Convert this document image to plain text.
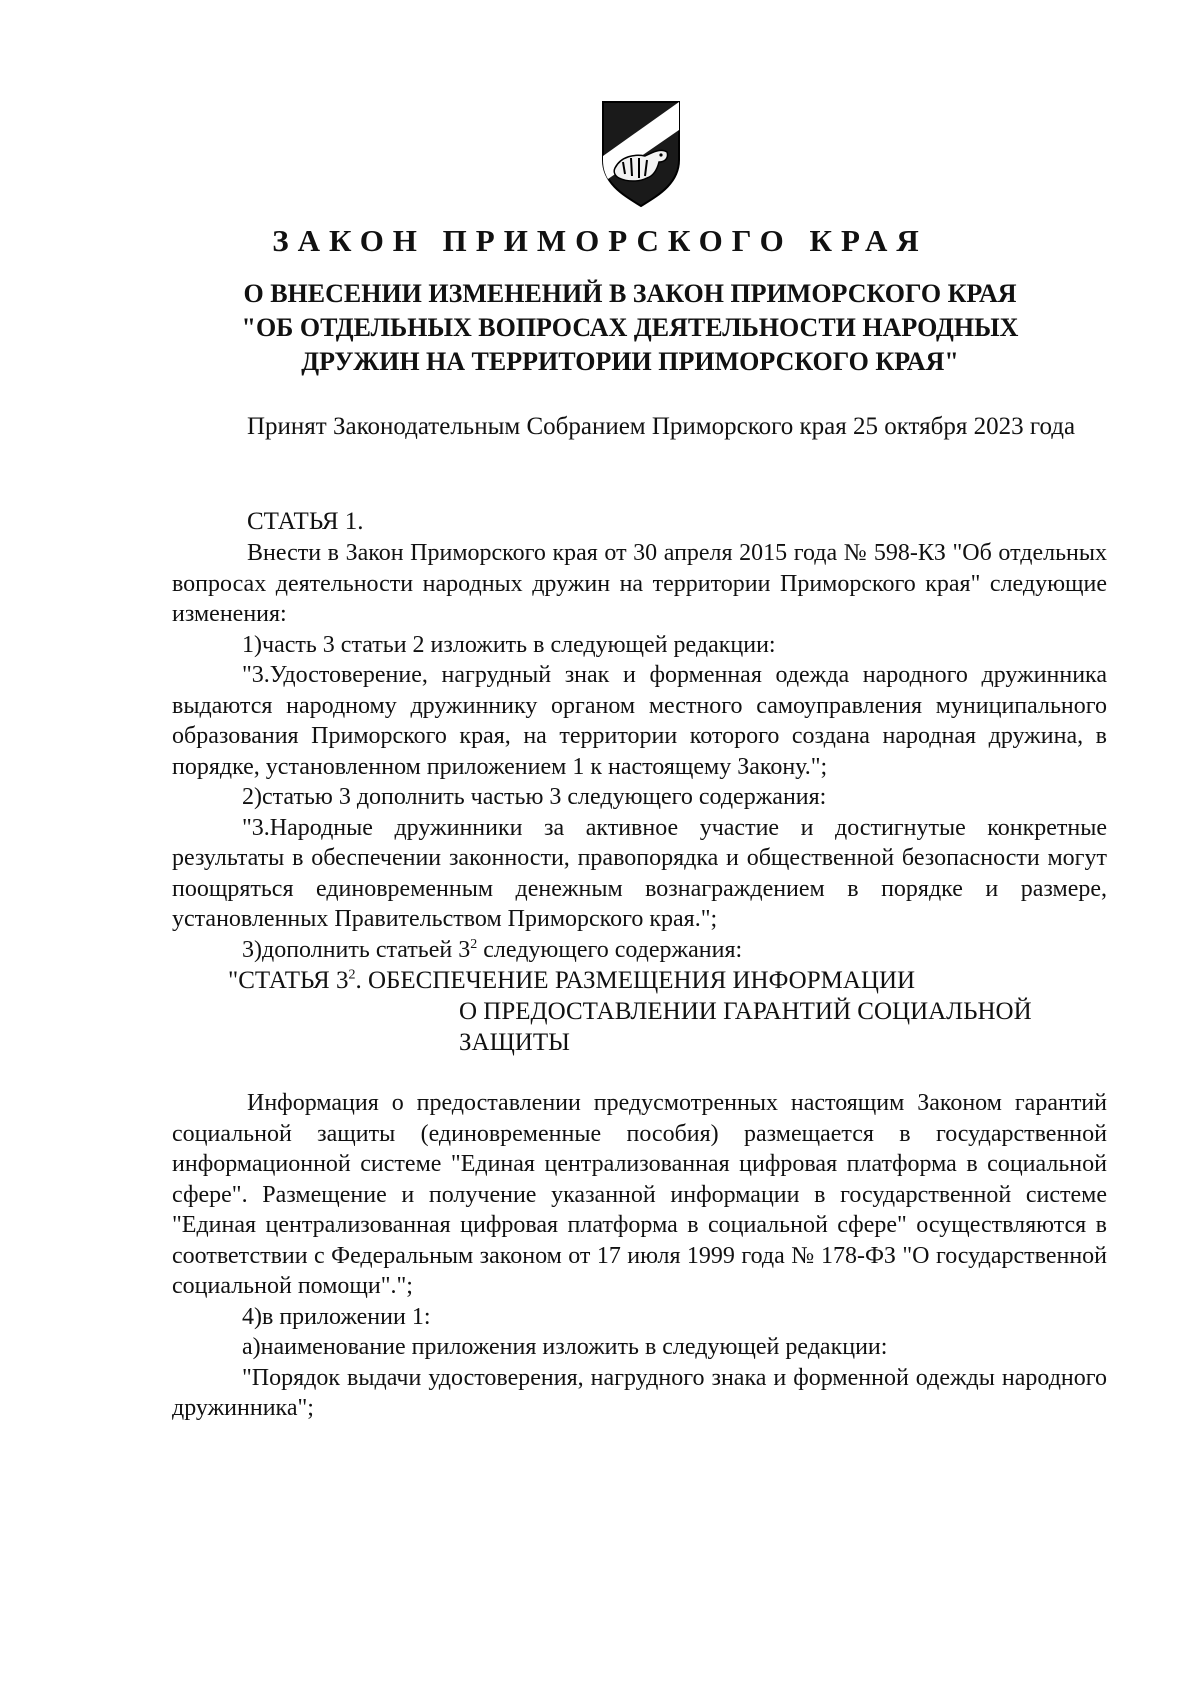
ЗАКОН ПРИМОРСКОГО КРАЯ
О ВНЕСЕНИИ ИЗМЕНЕНИЙ В ЗАКОН ПРИМОРСКОГО КРАЯ
"ОБ ОТДЕЛЬНЫХ ВОПРОСАХ ДЕЯТЕЛЬНОСТИ НАРОДНЫХ
ДРУЖИН НА ТЕРРИТОРИИ ПРИМОРСКОГО КРАЯ"
Принят Законодательным Собранием Приморского края 25 октября 2023 года
СТАТЬЯ 1.

Внести в Закон Приморского края от 30 апреля 2015 года № 598-КЗ "Об отдельных вопросах деятельности народных дружин на территории Приморского края" следующие изменения:

1)часть 3 статьи 2 изложить в следующей редакции:

"3.Удостоверение, нагрудный знак и форменная одежда народного дружинника выдаются народному дружиннику органом местного самоуправления муниципального образования Приморского края, на территории которого создана народная дружина, в порядке, установленном приложением 1 к настоящему Закону.";

2)статью 3 дополнить частью 3 следующего содержания:

"3.Народные дружинники за активное участие и достигнутые конкретные результаты в обеспечении законности, правопорядка и общественной безопасности могут поощряться единовременным денежным вознаграждением в порядке и размере, установленных Правительством Приморского края.";

3)дополнить статьей $3^2$ следующего содержания:

"СТАТЬЯ $3^2$. ОБЕСПЕЧЕНИЕ РАЗМЕЩЕНИЯ ИНФОРМАЦИИ
О ПРЕДОСТАВЛЕНИИ ГАРАНТИЙ СОЦИАЛЬНОЙ
ЗАЩИТЫ

Информация о предоставлении предусмотренных настоящим Законом гарантий социальной защиты (единовременные пособия) размещается в государственной информационной системе "Единая централизованная цифровая платформа в социальной сфере". Размещение и получение указанной информации в государственной системе "Единая централизованная цифровая платформа в социальной сфере" осуществляются в соответствии с Федеральным законом от 17 июля 1999 года № 178-ФЗ "О государственной социальной помощи".";

4)в приложении 1:

а)наименование приложения изложить в следующей редакции:

"Порядок выдачи удостоверения, нагрудного знака и форменной одежды народного дружинника";
